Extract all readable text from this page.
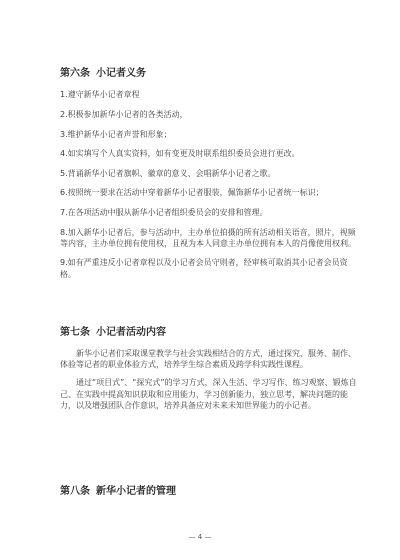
第六条 小记者义务
1.遵守新华小记者章程
2.积极参加新华小记者的各类活动，
3.维护新华小记者声誉和形象；
4.如实填写个人真实资料，如有变更及时联系组织委员会进行更改。
5.背诵新华小记者旗帜、徽章的意义、会唱新华小记者之歌。
6.按照统一要求在活动中穿着新华小记者服装，佩饰新华小记者统一标识；
7.在各项活动中服从新华小记者组织委员会的安排和管理。
8.加入新华小记者后，参与活动中，主办单位拍摄的所有活动相关语音，照片，视频等内容，主办单位拥有使用权，且视为本人同意主办单位拥有本人的肖像使用权利。
9.如有严重违反小记者章程以及小记者会员守则者，经审核可取消其小记者会员资格。
第七条 小记者活动内容
新华小记者们采取课堂教学与社会实践相结合的方式，通过探究、服务、制作、体验等记者的职业体验方式，培养学生综合素质及跨学科实践性课程。
通过“项目式”、“探究式”的学习方式，深入生活、学习写作、练习观察、锻炼自己、在实践中提高知识获取和应用能力，学习创新能力，独立思考，解决问题的能力，以及增强团队合作意识，培养具备应对未来未知世界能力的小记者。
第八条 新华小记者的管理
— 4 —
